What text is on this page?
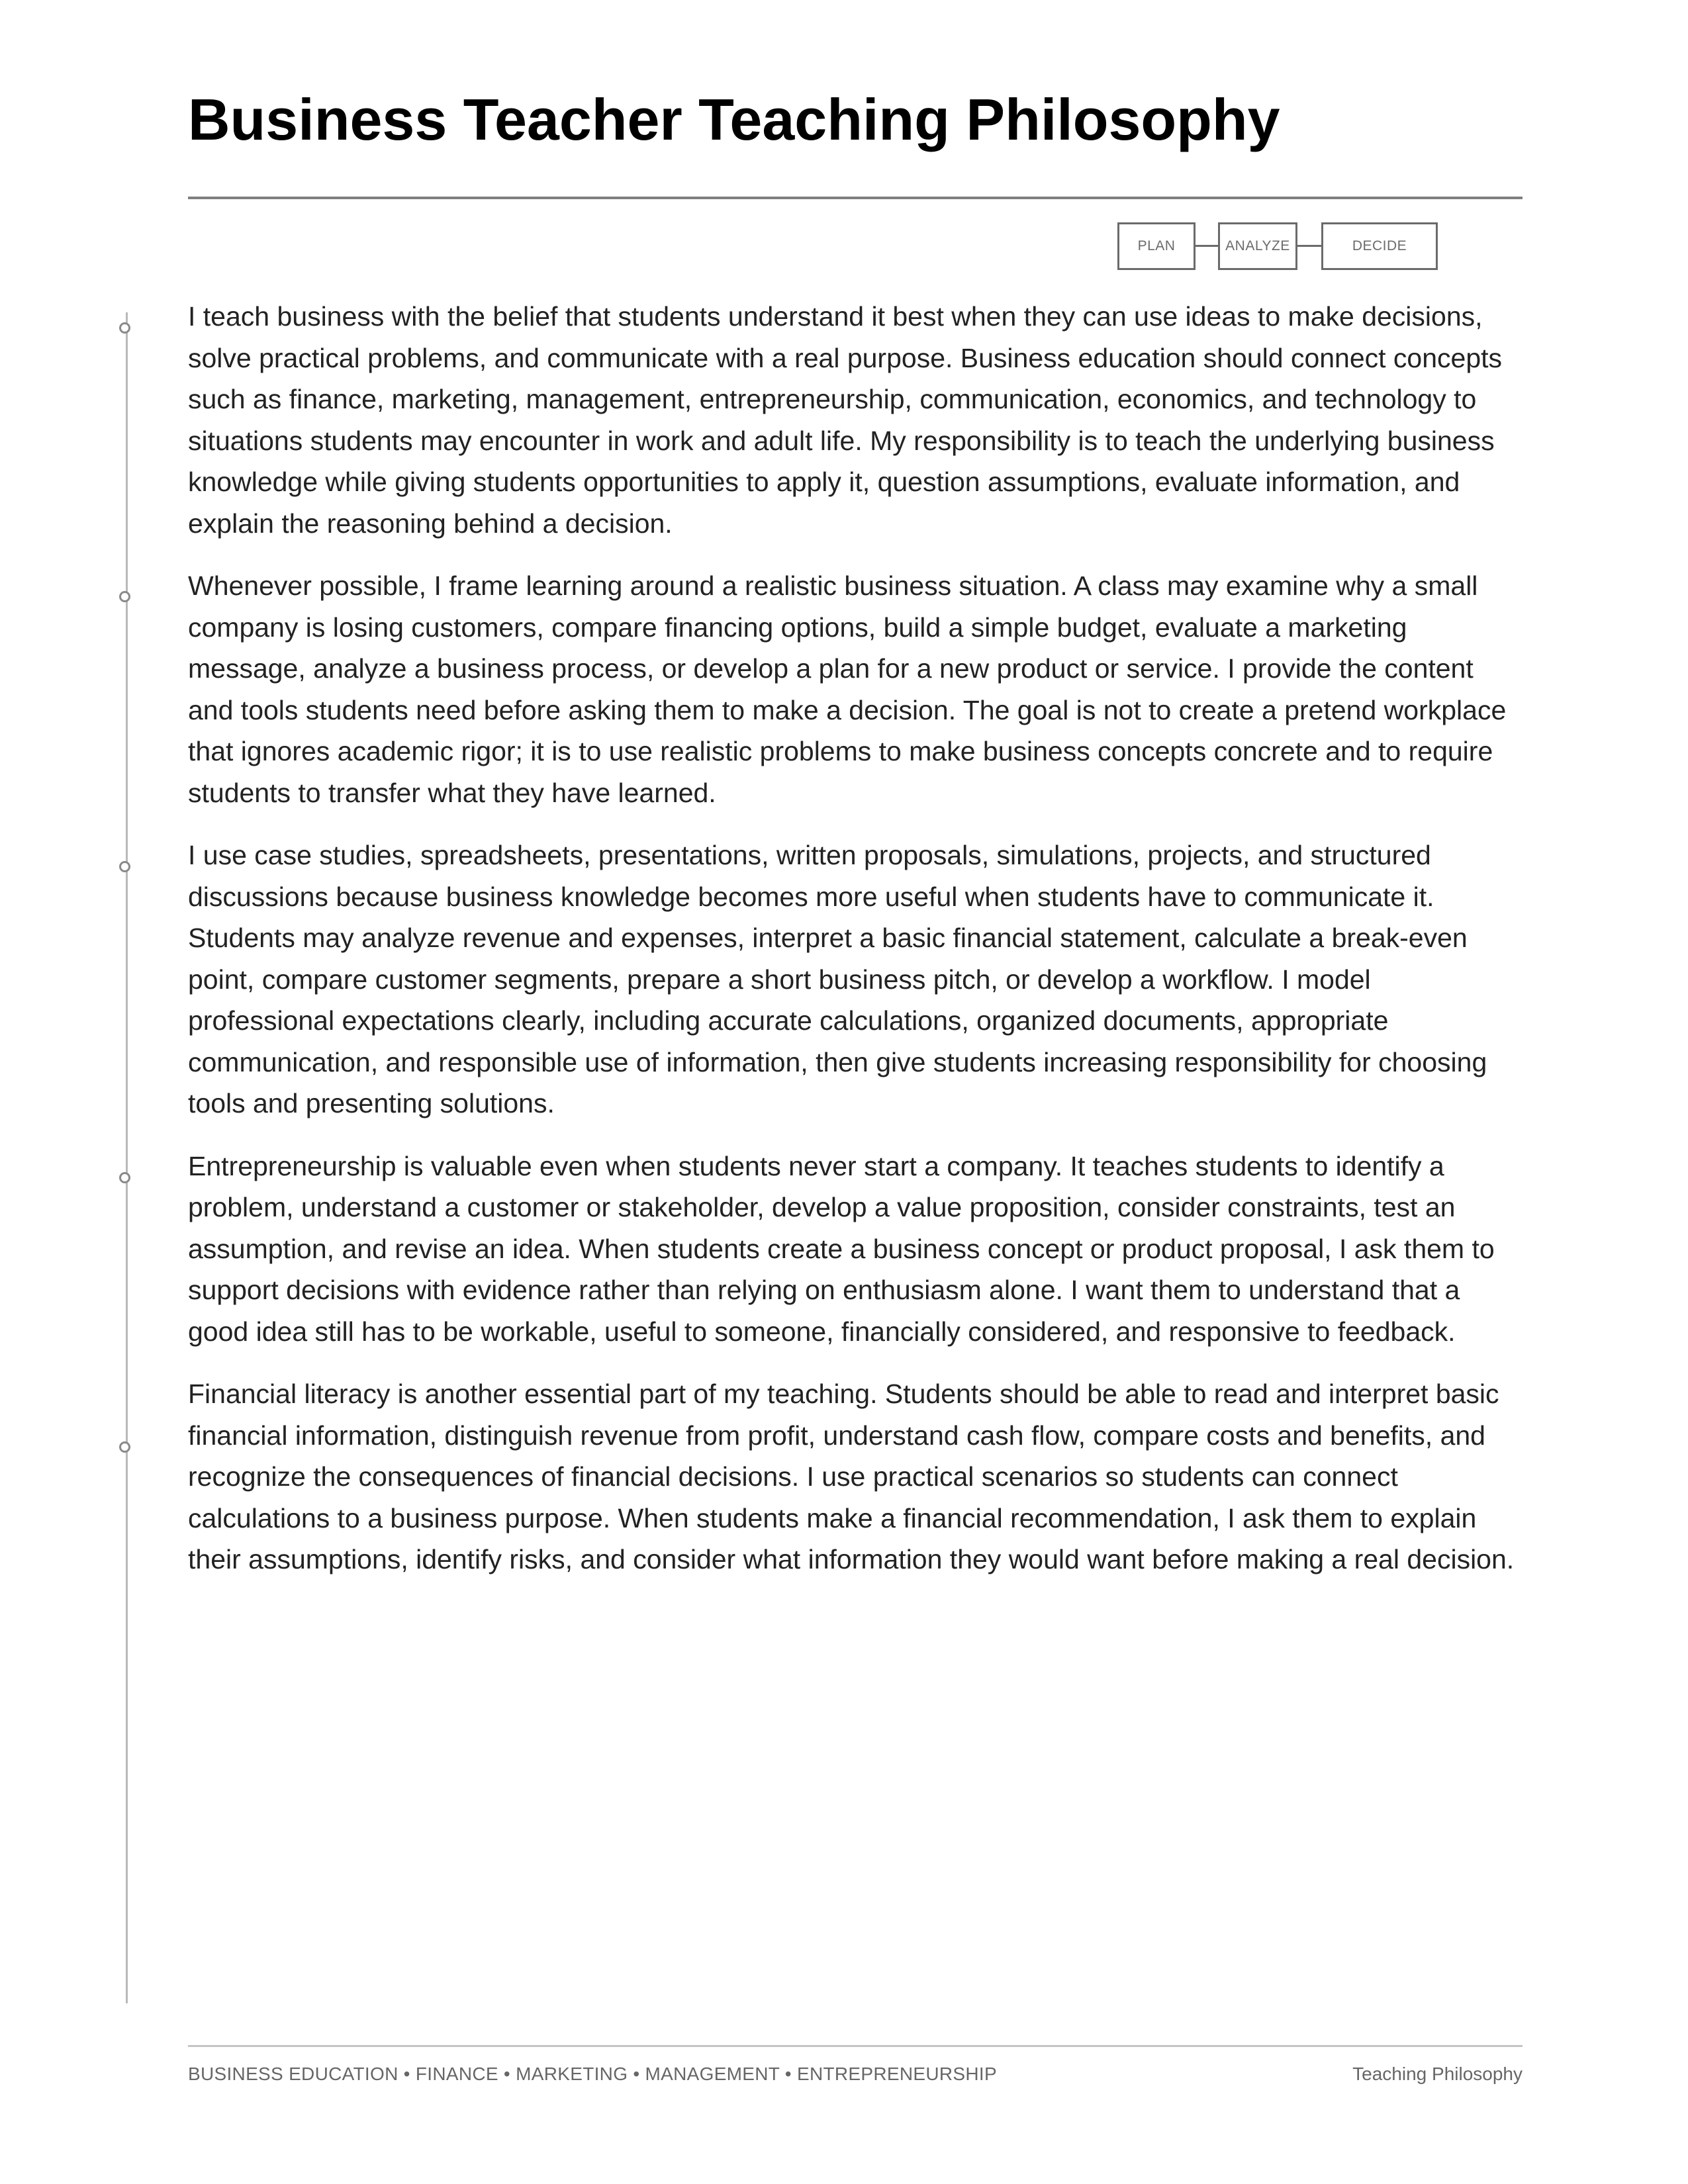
Business Teacher Teaching Philosophy
PLAN	ANALYZE	DECIDE

I teach business with the belief that students understand it best when they can use ideas to make decisions, solve practical problems, and communicate with a real purpose. Business education should connect concepts such as finance, marketing, management, entrepreneurship, communication, economics, and technology to situations students may encounter in work and adult life. My responsibility is to teach the underlying business knowledge while giving students opportunities to apply it, question assumptions, evaluate information, and explain the reasoning behind a decision.

Whenever possible, I frame learning around a realistic business situation. A class may examine why a small company is losing customers, compare financing options, build a simple budget, evaluate a marketing message, analyze a business process, or develop a plan for a new product or service. I provide the content and tools students need before asking them to make a decision. The goal is not to create a pretend workplace that ignores academic rigor; it is to use realistic problems to make business concepts concrete and to require students to transfer what they have learned.

I use case studies, spreadsheets, presentations, written proposals, simulations, projects, and structured discussions because business knowledge becomes more useful when students have to communicate it. Students may analyze revenue and expenses, interpret a basic financial statement, calculate a break-even point, compare customer segments, prepare a short business pitch, or develop a workflow. I model professional expectations clearly, including accurate calculations, organized documents, appropriate communication, and responsible use of information, then give students increasing responsibility for choosing tools and presenting solutions.

Entrepreneurship is valuable even when students never start a company. It teaches students to identify a problem, understand a customer or stakeholder, develop a value proposition, consider constraints, test an assumption, and revise an idea. When students create a business concept or product proposal, I ask them to support decisions with evidence rather than relying on enthusiasm alone. I want them to understand that a good idea still has to be workable, useful to someone, financially considered, and responsive to feedback.

Financial literacy is another essential part of my teaching. Students should be able to read and interpret basic financial information, distinguish revenue from profit, understand cash flow, compare costs and benefits, and recognize the consequences of financial decisions. I use practical scenarios so students can connect calculations to a business purpose. When students make a financial recommendation, I ask them to explain their assumptions, identify risks, and consider what information they would want before making a real decision.

BUSINESS EDUCATION • FINANCE • MARKETING • MANAGEMENT • ENTREPRENEURSHIP	Teaching Philosophy
